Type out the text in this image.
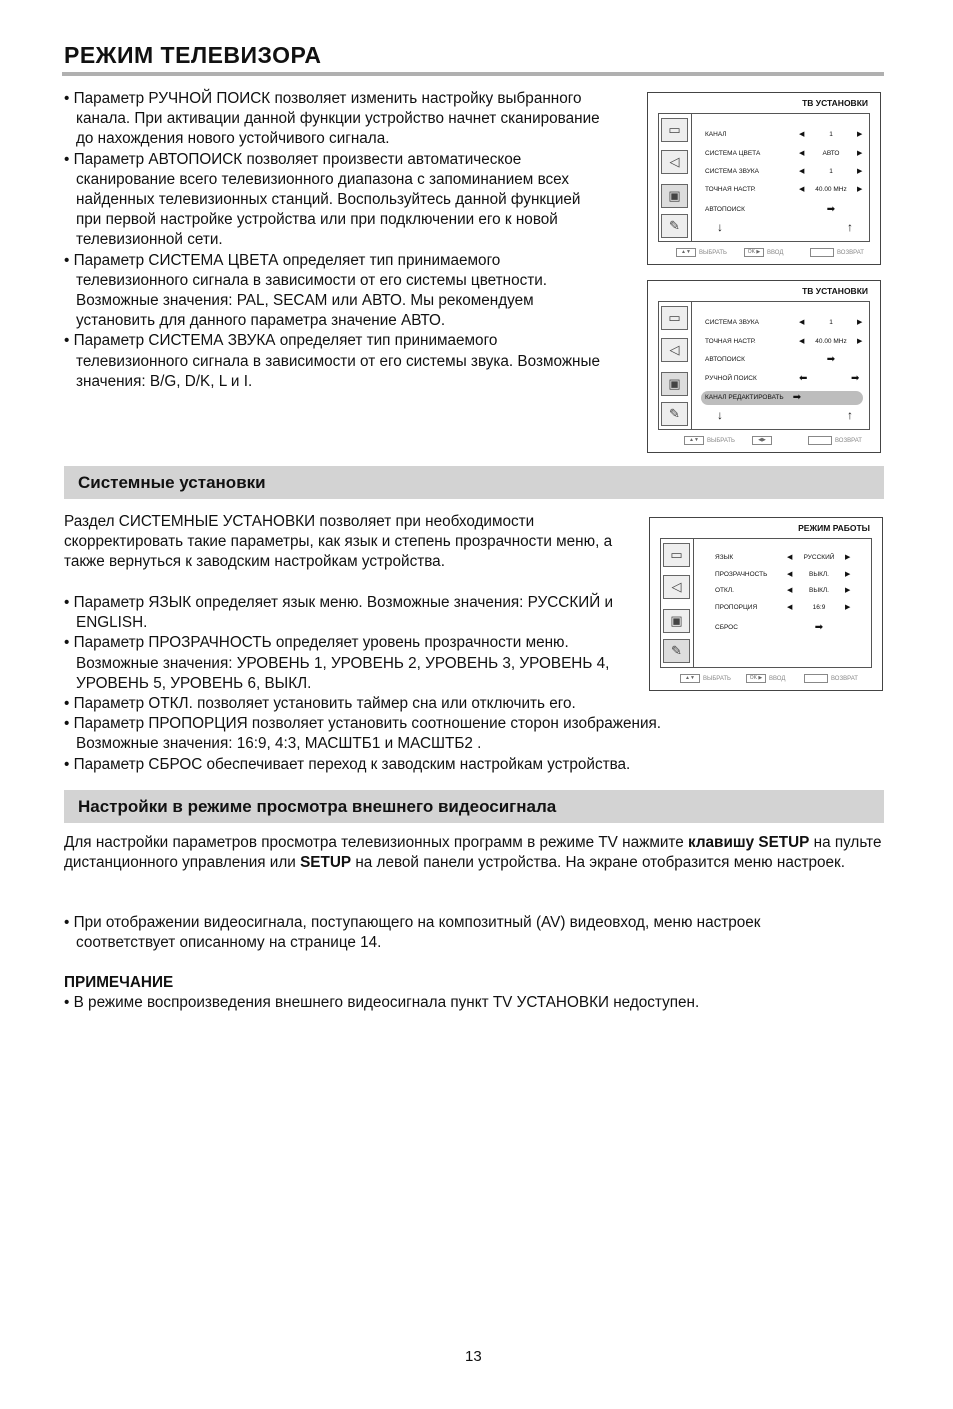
РЕЖИМ ТЕЛЕВИЗОРА

• Параметр РУЧНОЙ ПОИСК позволяет изменить настройку выбранного канала. При активации данной функции устройство начнет сканирование до нахождения нового устойчивого сигнала.

• Параметр АВТОПОИСК позволяет произвести автоматическое сканирование всего телевизионного диапазона с запоминанием всех найденных телевизионных станций. Воспользуйтесь данной функцией при первой настройке устройства или при подключении его к новой телевизионной сети.

• Параметр СИСТЕМА ЦВЕТА определяет тип принимаемого телевизионного сигнала в зависимости от его системы цветности. Возможные значения: PAL, SECAM или АВТО. Мы рекомендуем установить для данного параметра значение АВТО.

• Параметр СИСТЕМА ЗВУКА определяет тип принимаемого телевизионного сигнала в зависимости от его системы звука. Возможные значения: B/G, D/K, L и I.

ТВ УСТАНОВКИ
▭
◁
▣
✎
КАНАЛ	◀	1	▶
СИСТЕМА ЦВЕТА	◀	АВТО	▶
СИСТЕМА ЗВУКА	◀	1	▶
ТОЧНАЯ НАСТР.	◀	40.00 MHz	▶
АВТОПОИСК	➡
↓	↑
▲▼	ВЫБРАТЬ	OK ▶	ВВОД	ВОЗВРАТ
ТВ УСТАНОВКИ
▭
◁
▣
✎
СИСТЕМА ЗВУКА	◀	1	▶
ТОЧНАЯ НАСТР.	◀	40.00 MHz	▶
АВТОПОИСК	➡
РУЧНОЙ ПОИСК	⬅	➡
КАНАЛ РЕДАКТИРОВАТЬ ➡
↓	↑
▲▼	ВЫБРАТЬ	◀▶	ВОЗВРАТ
Системные установки
Раздел СИСТЕМНЫЕ УСТАНОВКИ позволяет при необходимости скорректировать такие параметры, как язык и степень прозрачности меню, а также вернуться к заводским настройкам устройства.

• Параметр ЯЗЫК определяет язык меню. Возможные значения: РУССКИЙ и ENGLISH.

• Параметр ПРОЗРАЧНОСТЬ определяет уровень прозрачности меню. Возможные значения: УРОВЕНЬ 1, УРОВЕНЬ 2, УРОВЕНЬ 3, УРОВЕНЬ 4, УРОВЕНЬ 5, УРОВЕНЬ 6, ВЫКЛ.

• Параметр ОТКЛ. позволяет установить таймер сна или отключить его.

• Параметр ПРОПОРЦИЯ позволяет установить соотношение сторон изображения. Возможные значения: 16:9, 4:3, МАСШТБ1 и МАСШТБ2 .

• Параметр СБРОС обеспечивает переход к заводским настройкам устройства.

РЕЖИМ РАБОТЫ
▭
◁
▣
✎
ЯЗЫК	◀	РУССКИЙ	▶
ПРОЗРАЧНОСТЬ	◀	ВЫКЛ.	▶
ОТКЛ.	◀	ВЫКЛ.	▶
ПРОПОРЦИЯ	◀	16:9	▶
СБРОС	➡
▲▼	ВЫБРАТЬ	OK ▶	ВВОД	ВОЗВРАТ
Настройки в режиме просмотра внешнего видеосигнала
Для настройки параметров просмотра телевизионных программ в режиме TV нажмите клавишу SETUP на пульте дистанционного управления или SETUP на левой панели устройства. На экране отобразится меню настроек.

• При отображении видеосигнала, поступающего на композитный (AV) видеовход, меню настроек соответствует описанному на странице 14.

ПРИМЕЧАНИЕ

• В режиме воспроизведения внешнего видеосигнала пункт TV УСТАНОВКИ недоступен.

13
